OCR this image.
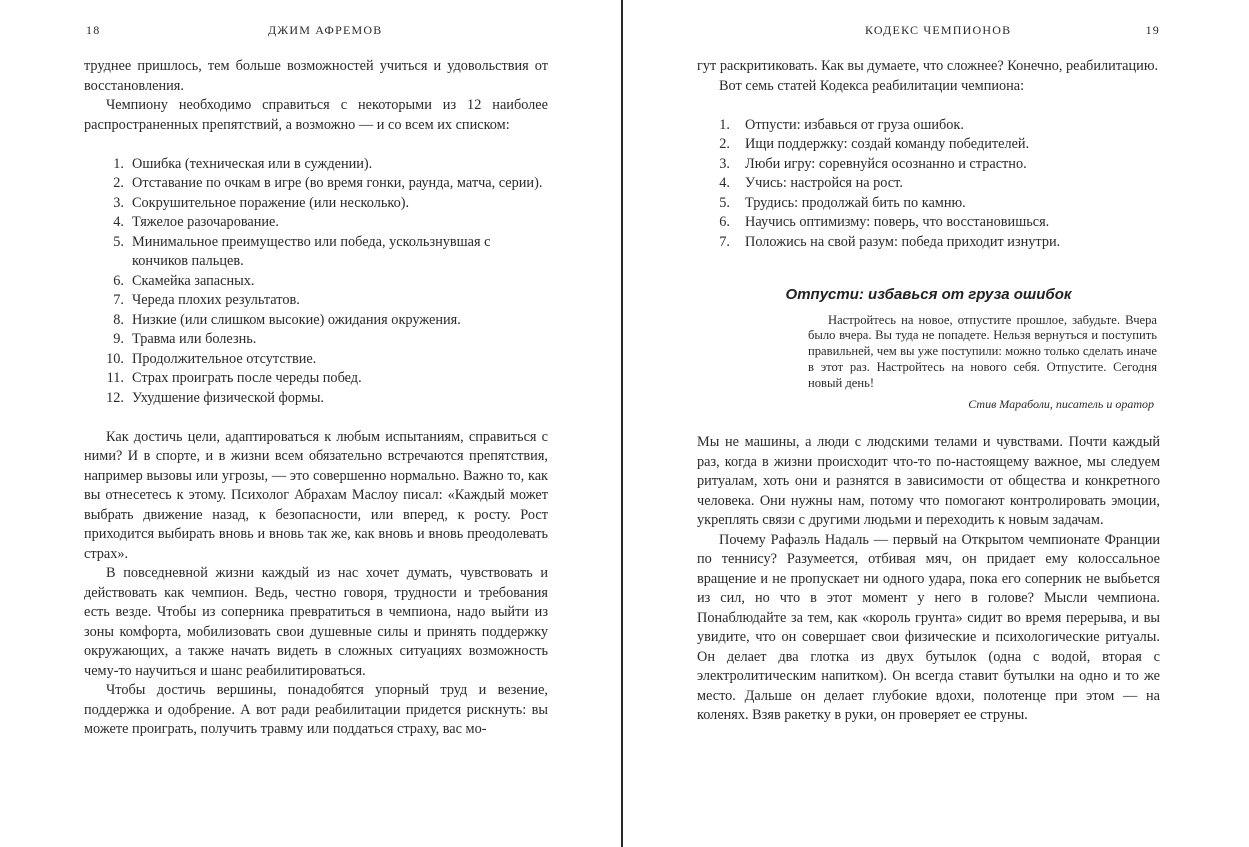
18	ДЖИМ АФРЕМОВ

труднее пришлось, тем больше возможностей учиться и удовольствия от восстановления.

Чемпиону необходимо справиться с некоторыми из 12 наиболее распространенных препятствий, а возможно — и со всем их списком:

1. Ошибка (техническая или в суждении).
2. Отставание по очкам в игре (во время гонки, раунда, матча, серии).
3. Сокрушительное поражение (или несколько).
4. Тяжелое разочарование.
5. Минимальное преимущество или победа, ускользнувшая с кончиков пальцев.
6. Скамейка запасных.
7. Череда плохих результатов.
8. Низкие (или слишком высокие) ожидания окружения.
9. Травма или болезнь.
10. Продолжительное отсутствие.
11. Страх проиграть после череды побед.
12. Ухудшение физической формы.

Как достичь цели, адаптироваться к любым испытаниям, справиться с ними? И в спорте, и в жизни всем обязательно встречаются препятствия, например вызовы или угрозы, — это совершенно нормально. Важно то, как вы отнесетесь к этому. Психолог Абрахам Маслоу писал: «Каждый может выбрать движение назад, к безопасности, или вперед, к росту. Рост приходится выбирать вновь и вновь так же, как вновь и вновь преодолевать страх».

В повседневной жизни каждый из нас хочет думать, чувствовать и действовать как чемпион. Ведь, честно говоря, трудности и требования есть везде. Чтобы из соперника превратиться в чемпиона, надо выйти из зоны комфорта, мобилизовать свои душевные силы и принять поддержку окружающих, а также начать видеть в сложных ситуациях возможность чему-то научиться и шанс реабилитироваться.

Чтобы достичь вершины, понадобятся упорный труд и везение, поддержка и одобрение. А вот ради реабилитации придется рискнуть: вы можете проиграть, получить травму или поддаться страху, вас мо-

КОДЕКС ЧЕМПИОНОВ	19

гут раскритиковать. Как вы думаете, что сложнее? Конечно, реабилитацию.

Вот семь статей Кодекса реабилитации чемпиона:

1. Отпусти: избавься от груза ошибок.
2. Ищи поддержку: создай команду победителей.
3. Люби игру: соревнуйся осознанно и страстно.
4. Учись: настройся на рост.
5. Трудись: продолжай бить по камню.
6. Научись оптимизму: поверь, что восстановишься.
7. Положись на свой разум: победа приходит изнутри.
Отпусти: избавься от груза ошибок

Настройтесь на новое, отпустите прошлое, забудьте. Вчера было вчера. Вы туда не попадете. Нельзя вернуться и поступить правильней, чем вы уже поступили: можно только сделать иначе в этот раз. Настройтесь на нового себя. Отпустите. Сегодня новый день!

Стив Мараболи, писатель и оратор

Мы не машины, а люди с людскими телами и чувствами. Почти каждый раз, когда в жизни происходит что-то по-настоящему важное, мы следуем ритуалам, хоть они и разнятся в зависимости от общества и конкретного человека. Они нужны нам, потому что помогают контролировать эмоции, укреплять связи с другими людьми и переходить к новым задачам.

Почему Рафаэль Надаль — первый на Открытом чемпионате Франции по теннису? Разумеется, отбивая мяч, он придает ему колоссальное вращение и не пропускает ни одного удара, пока его соперник не выбьется из сил, но что в этот момент у него в голове? Мысли чемпиона. Понаблюдайте за тем, как «король грунта» сидит во время перерыва, и вы увидите, что он совершает свои физические и психологические ритуалы. Он делает два глотка из двух бутылок (одна с водой, вторая с электролитическим напитком). Он всегда ставит бутылки на одно и то же место. Дальше он делает глубокие вдохи, полотенце при этом — на коленях. Взяв ракетку в руки, он проверяет ее струны.
